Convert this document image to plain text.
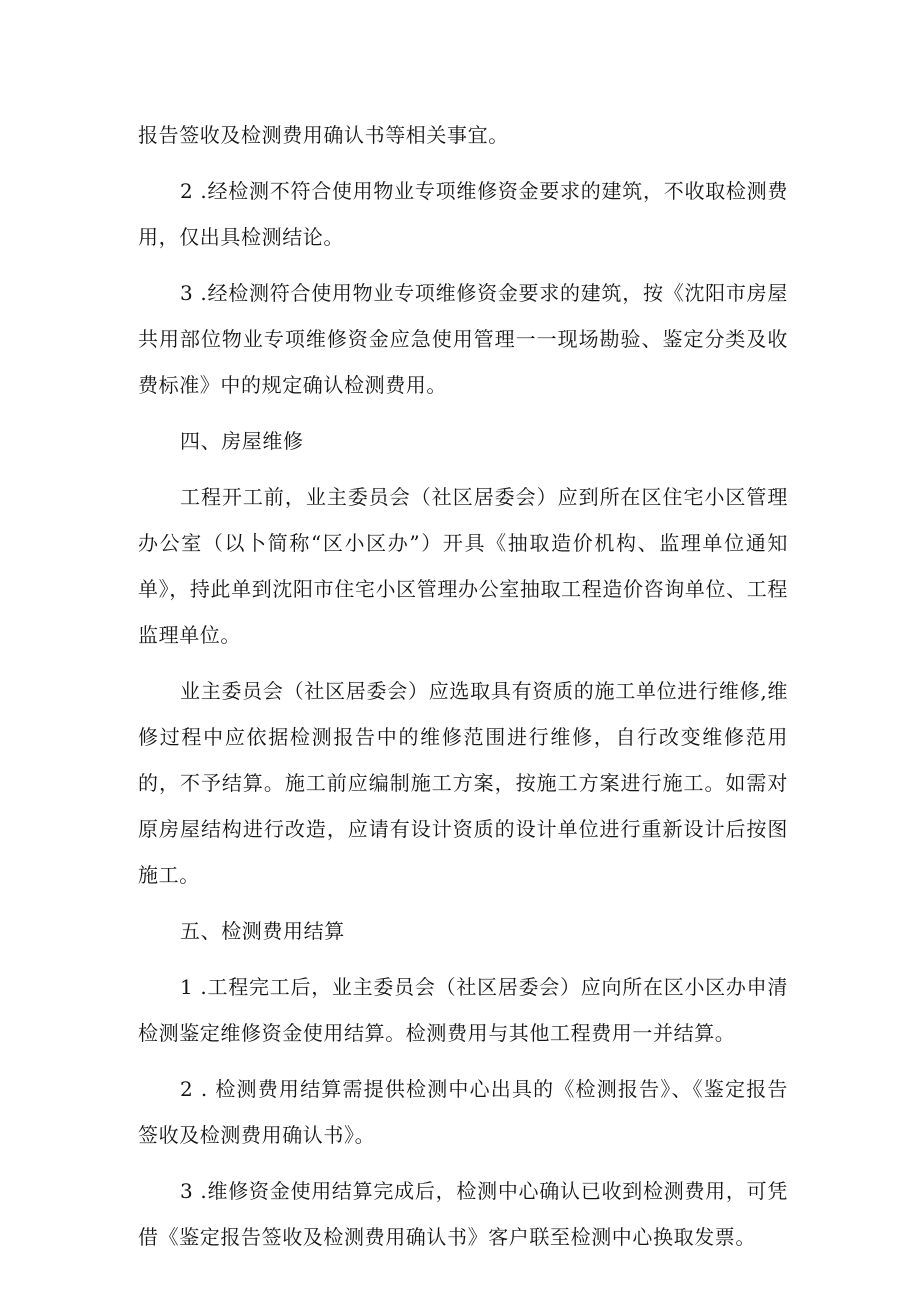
报告签收及检测费用确认书等相关事宜。

2 .经检测不符合使用物业专项维修资金要求的建筑，不收取检测费用，仅出具检测结论。

3 .经检测符合使用物业专项维修资金要求的建筑，按《沈阳市房屋共用部位物业专项维修资金应急使用管理一一现场勘验、鉴定分类及收费标准》中的规定确认检测费用。

四、房屋维修

工程开工前，业主委员会（社区居委会）应到所在区住宅小区管理办公室（以卜简称“区小区办”）开具《抽取造价机构、监理单位通知单》，持此单到沈阳市住宅小区管理办公室抽取工程造价咨询单位、工程监理单位。

业主委员会（社区居委会）应选取具有资质的施工单位进行维修,维修过程中应依据检测报告中的维修范围进行维修，自行改变维修范用的，不予结算。施工前应编制施工方案，按施工方案进行施工。如需对原房屋结构进行改造，应请有设计资质的设计单位进行重新设计后按图施工。

五、检测费用结算

1 .工程完工后，业主委员会（社区居委会）应向所在区小区办申清检测鉴定维修资金使用结算。检测费用与其他工程费用一并结算。

2 . 检测费用结算需提供检测中心出具的《检测报告》、《鉴定报告签收及检测费用确认书》。

3 .维修资金使用结算完成后，检测中心确认已收到检测费用，可凭借《鉴定报告签收及检测费用确认书》客户联至检测中心换取发票。
